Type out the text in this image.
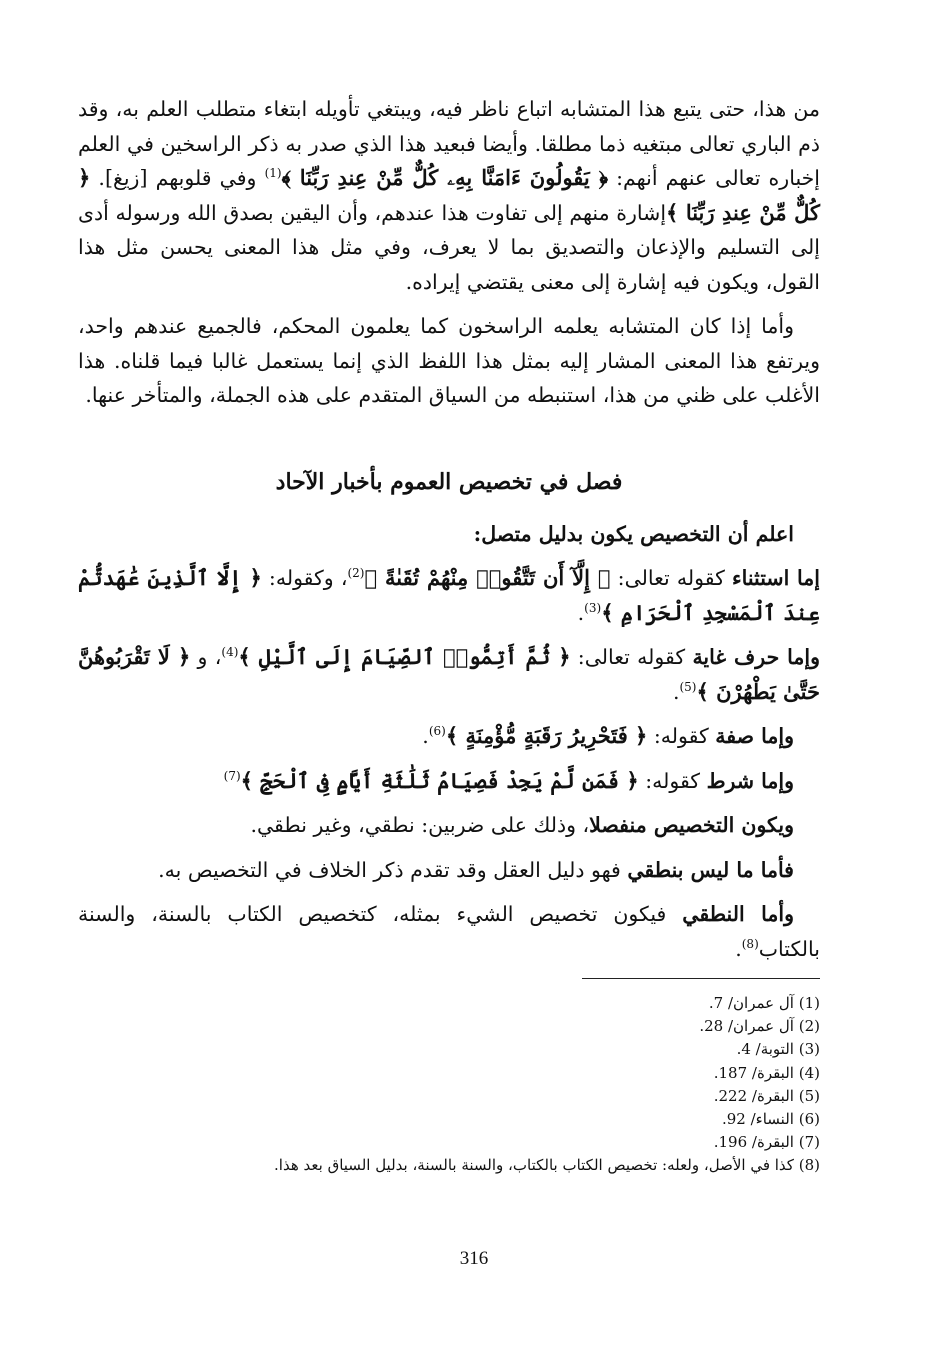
من هذا، حتى يتبع هذا المتشابه اتباع ناظر فيه، ويبتغي تأويله ابتغاء متطلب العلم به، وقد ذم الباري تعالى مبتغيه ذما مطلقا. وأيضا فبعيد هذا الذي صدر به ذكر الراسخين في العلم إخباره تعالى عنهم أنهم: ﴿ يَقُولُونَ ءَامَنَّا بِهِۦ كُلٌّ مِّنْ عِندِ رَبِّنَا ﴾$^{(1)}$ وفي قلوبهم [زيغ]. ﴿ كُلٌّ مِّنْ عِندِ رَبِّنَا ﴾إشارة منهم إلى تفاوت هذا عندهم، وأن اليقين بصدق الله ورسوله أدى إلى التسليم والإذعان والتصديق بما لا يعرف، وفي مثل هذا المعنى يحسن مثل هذا القول، ويكون فيه إشارة إلى معنى يقتضي إيراده.

وأما إذا كان المتشابه يعلمه الراسخون كما يعلمون المحكم، فالجميع عندهم واحد، ويرتفع هذا المعنى المشار إليه بمثل هذا اللفظ الذي إنما يستعمل غالبا فيما قلناه. هذا الأغلب على ظني من هذا، استنبطه من السياق المتقدم على هذه الجملة، والمتأخر عنها.

فصل في تخصيص العموم بأخبار الآحاد

اعلم أن التخصيص يكون بدليل متصل:

إما استثناء كقوله تعالى: ﴿ إِلَّآ أَن تَتَّقُوا۟ مِنْهُمْ تُقَىٰةً ﴾$^{(2)}$، وكقوله: ﴿ إِلَّا ٱلَّذِينَ عَٰهَدتُّمْ عِندَ ٱلْمَسْجِدِ ٱلْحَرَامِ ﴾$^{(3)}$.

وإما حرف غاية كقوله تعالى: ﴿ ثُمَّ أَتِمُّوا۟ ٱلصِّيَامَ إِلَى ٱلَّيْلِ ﴾$^{(4)}$، و ﴿ لَا تَقْرَبُوهُنَّ حَتَّىٰ يَطْهُرْنَ ﴾$^{(5)}$.

وإما صفة كقوله: ﴿ فَتَحْرِيرُ رَقَبَةٍ مُّؤْمِنَةٍ ﴾$^{(6)}$.

وإما شرط كقوله: ﴿ فَمَن لَّمْ يَجِدْ فَصِيَامُ ثَلَٰثَةِ أَيَّامٍ فِى ٱلْحَجِّ ﴾$^{(7)}$

ويكون التخصيص منفصلا، وذلك على ضربين: نطقي، وغير نطقي.

فأما ما ليس بنطقي فهو دليل العقل وقد تقدم ذكر الخلاف في التخصيص به.

وأما النطقي فيكون تخصيص الشيء بمثله، كتخصيص الكتاب بالسنة، والسنة بالكتاب$^{(8)}$.

(1) آل عمران/ 7.
(2) آل عمران/ 28.
(3) التوبة/ 4.
(4) البقرة/ 187.
(5) البقرة/ 222.
(6) النساء/ 92.
(7) البقرة/ 196.
(8) كذا في الأصل، ولعله: تخصيص الكتاب بالكتاب، والسنة بالسنة، بدليل السياق بعد هذا.
316
